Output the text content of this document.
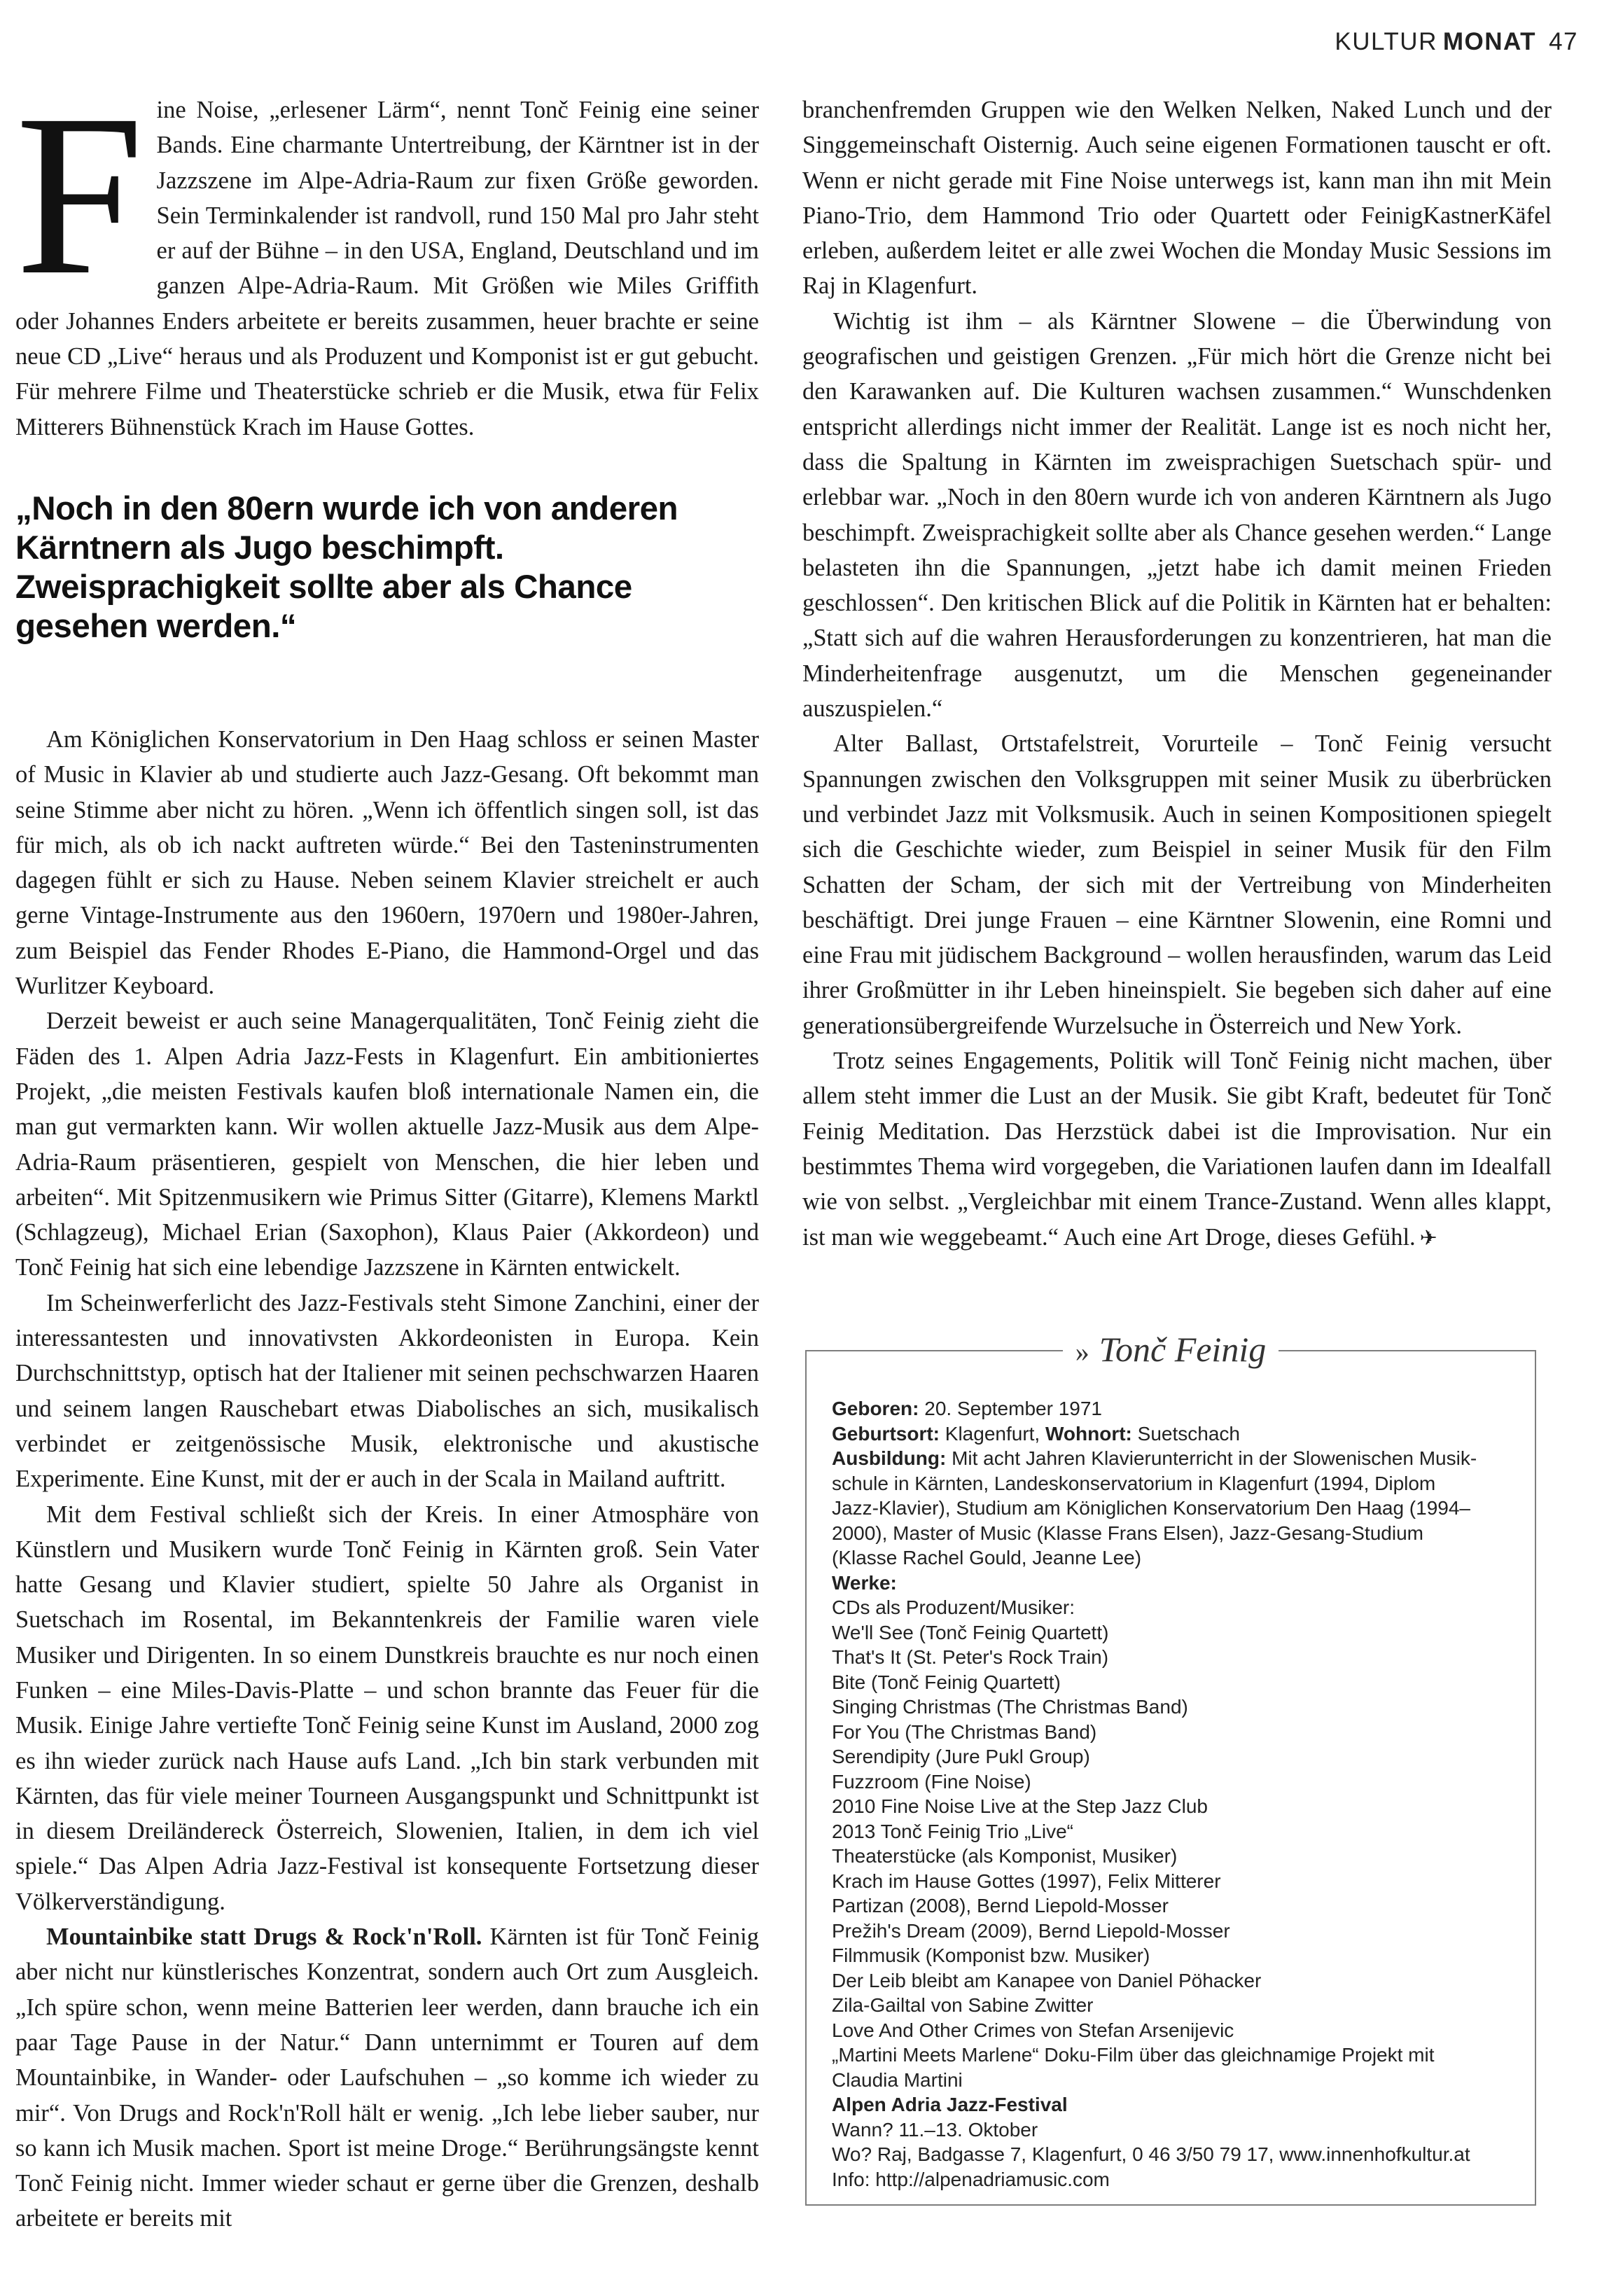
KULTUR MONAT 47

Fine Noise, „erlesener Lärm“, nennt Tonč Feinig eine seiner Bands. Eine charmante Untertreibung, der Kärntner ist in der Jazzszene im Alpe-Adria-Raum zur fixen Größe geworden. Sein Terminkalender ist randvoll, rund 150 Mal pro Jahr steht er auf der Bühne – in den USA, England, Deutschland und im ganzen Alpe-Adria-Raum. Mit Größen wie Miles Griffith oder Johannes Enders arbeitete er bereits zusammen, heuer brachte er seine neue CD „Live“ heraus und als Produzent und Komponist ist er gut gebucht. Für mehrere Filme und Theaterstücke schrieb er die Musik, etwa für Felix Mitterers Bühnenstück Krach im Hause Gottes.

„Noch in den 80ern wurde ich von anderen Kärntnern als Jugo beschimpft. Zweisprachigkeit sollte aber als Chance gesehen werden.“

Am Königlichen Konservatorium in Den Haag schloss er seinen Master of Music in Klavier ab und studierte auch Jazz-Gesang. Oft bekommt man seine Stimme aber nicht zu hören. „Wenn ich öffentlich singen soll, ist das für mich, als ob ich nackt auftreten würde.“ Bei den Tasteninstrumenten dagegen fühlt er sich zu Hause. Neben seinem Klavier streichelt er auch gerne Vintage-Instrumente aus den 1960ern, 1970ern und 1980er-Jahren, zum Beispiel das Fender Rhodes E-Piano, die Hammond-Orgel und das Wurlitzer Keyboard.

Derzeit beweist er auch seine Managerqualitäten, Tonč Feinig zieht die Fäden des 1. Alpen Adria Jazz-Fests in Klagenfurt. Ein ambitioniertes Projekt, „die meisten Festivals kaufen bloß internationale Namen ein, die man gut vermarkten kann. Wir wollen aktuelle Jazz-Musik aus dem Alpe-Adria-Raum präsentieren, gespielt von Menschen, die hier leben und arbeiten“. Mit Spitzenmusikern wie Primus Sitter (Gitarre), Klemens Marktl (Schlagzeug), Michael Erian (Saxophon), Klaus Paier (Akkordeon) und Tonč Feinig hat sich eine lebendige Jazzszene in Kärnten entwickelt.

Im Scheinwerferlicht des Jazz-Festivals steht Simone Zanchini, einer der interessantesten und innovativsten Akkordeonisten in Europa. Kein Durchschnittstyp, optisch hat der Italiener mit seinen pechschwarzen Haaren und seinem langen Rauschebart etwas Diabolisches an sich, musikalisch verbindet er zeitgenössische Musik, elektronische und akustische Experimente. Eine Kunst, mit der er auch in der Scala in Mailand auftritt.

Mit dem Festival schließt sich der Kreis. In einer Atmosphäre von Künstlern und Musikern wurde Tonč Feinig in Kärnten groß. Sein Vater hatte Gesang und Klavier studiert, spielte 50 Jahre als Organist in Suetschach im Rosental, im Bekanntenkreis der Familie waren viele Musiker und Dirigenten. In so einem Dunstkreis brauchte es nur noch einen Funken – eine Miles-Davis-Platte – und schon brannte das Feuer für die Musik. Einige Jahre vertiefte Tonč Feinig seine Kunst im Ausland, 2000 zog es ihn wieder zurück nach Hause aufs Land. „Ich bin stark verbunden mit Kärnten, das für viele meiner Tourneen Ausgangspunkt und Schnittpunkt ist in diesem Dreiländereck Österreich, Slowenien, Italien, in dem ich viel spiele.“ Das Alpen Adria Jazz-Festival ist konsequente Fortsetzung dieser Völkerverständigung.

Mountainbike statt Drugs & Rock'n'Roll. Kärnten ist für Tonč Feinig aber nicht nur künstlerisches Konzentrat, sondern auch Ort zum Ausgleich. „Ich spüre schon, wenn meine Batterien leer werden, dann brauche ich ein paar Tage Pause in der Natur.“ Dann unternimmt er Touren auf dem Mountainbike, in Wander- oder Laufschuhen – „so komme ich wieder zu mir“. Von Drugs and Rock'n'Roll hält er wenig. „Ich lebe lieber sauber, nur so kann ich Musik machen. Sport ist meine Droge.“ Berührungsängste kennt Tonč Feinig nicht. Immer wieder schaut er gerne über die Grenzen, deshalb arbeitete er bereits mit

branchenfremden Gruppen wie den Welken Nelken, Naked Lunch und der Singgemeinschaft Oisternig. Auch seine eigenen Formationen tauscht er oft. Wenn er nicht gerade mit Fine Noise unterwegs ist, kann man ihn mit Mein Piano-Trio, dem Hammond Trio oder Quartett oder FeinigKastnerKäfel erleben, außerdem leitet er alle zwei Wochen die Monday Music Sessions im Raj in Klagenfurt.

Wichtig ist ihm – als Kärntner Slowene – die Überwindung von geografischen und geistigen Grenzen. „Für mich hört die Grenze nicht bei den Karawanken auf. Die Kulturen wachsen zusammen.“ Wunschdenken entspricht allerdings nicht immer der Realität. Lange ist es noch nicht her, dass die Spaltung in Kärnten im zweisprachigen Suetschach spür- und erlebbar war. „Noch in den 80ern wurde ich von anderen Kärntnern als Jugo beschimpft. Zweisprachigkeit sollte aber als Chance gesehen werden.“ Lange belasteten ihn die Spannungen, „jetzt habe ich damit meinen Frieden geschlossen“. Den kritischen Blick auf die Politik in Kärnten hat er behalten: „Statt sich auf die wahren Herausforderungen zu konzentrieren, hat man die Minderheitenfrage ausgenutzt, um die Menschen gegeneinander auszuspielen.“

Alter Ballast, Ortstafelstreit, Vorurteile – Tonč Feinig versucht Spannungen zwischen den Volksgruppen mit seiner Musik zu überbrücken und verbindet Jazz mit Volksmusik. Auch in seinen Kompositionen spiegelt sich die Geschichte wieder, zum Beispiel in seiner Musik für den Film Schatten der Scham, der sich mit der Vertreibung von Minderheiten beschäftigt. Drei junge Frauen – eine Kärntner Slowenin, eine Romni und eine Frau mit jüdischem Background – wollen herausfinden, warum das Leid ihrer Großmütter in ihr Leben hineinspielt. Sie begeben sich daher auf eine generationsübergreifende Wurzelsuche in Österreich und New York.

Trotz seines Engagements, Politik will Tonč Feinig nicht machen, über allem steht immer die Lust an der Musik. Sie gibt Kraft, bedeutet für Tonč Feinig Meditation. Das Herzstück dabei ist die Improvisation. Nur ein bestimmtes Thema wird vorgegeben, die Variationen laufen dann im Idealfall wie von selbst. „Vergleichbar mit einem Trance-Zustand. Wenn alles klappt, ist man wie weggebeamt.“ Auch eine Art Droge, dieses Gefühl. ✈

» Tonč Feinig
Geboren: 20. September 1971
Geburtsort: Klagenfurt, Wohnort: Suetschach
Ausbildung: Mit acht Jahren Klavierunterricht in der Slowenischen Musik-
schule in Kärnten, Landeskonservatorium in Klagenfurt (1994, Diplom
Jazz-Klavier), Studium am Königlichen Konservatorium Den Haag (1994–
2000), Master of Music (Klasse Frans Elsen), Jazz-Gesang-Studium
(Klasse Rachel Gould, Jeanne Lee)
Werke:
CDs als Produzent/Musiker:
We'll See (Tonč Feinig Quartett)
That's It (St. Peter's Rock Train)
Bite (Tonč Feinig Quartett)
Singing Christmas (The Christmas Band)
For You (The Christmas Band)
Serendipity (Jure Pukl Group)
Fuzzroom (Fine Noise)
2010 Fine Noise Live at the Step Jazz Club
2013 Tonč Feinig Trio „Live“
Theaterstücke (als Komponist, Musiker)
Krach im Hause Gottes (1997), Felix Mitterer
Partizan (2008), Bernd Liepold-Mosser
Prežih's Dream (2009), Bernd Liepold-Mosser
Filmmusik (Komponist bzw. Musiker)
Der Leib bleibt am Kanapee von Daniel Pöhacker
Zila-Gailtal von Sabine Zwitter
Love And Other Crimes von Stefan Arsenijevic
„Martini Meets Marlene“ Doku-Film über das gleichnamige Projekt mit
Claudia Martini
Alpen Adria Jazz-Festival
Wann? 11.–13. Oktober
Wo? Raj, Badgasse 7, Klagenfurt, 0 46 3/50 79 17, www.innenhofkultur.at
Info: http://alpenadriamusic.com
